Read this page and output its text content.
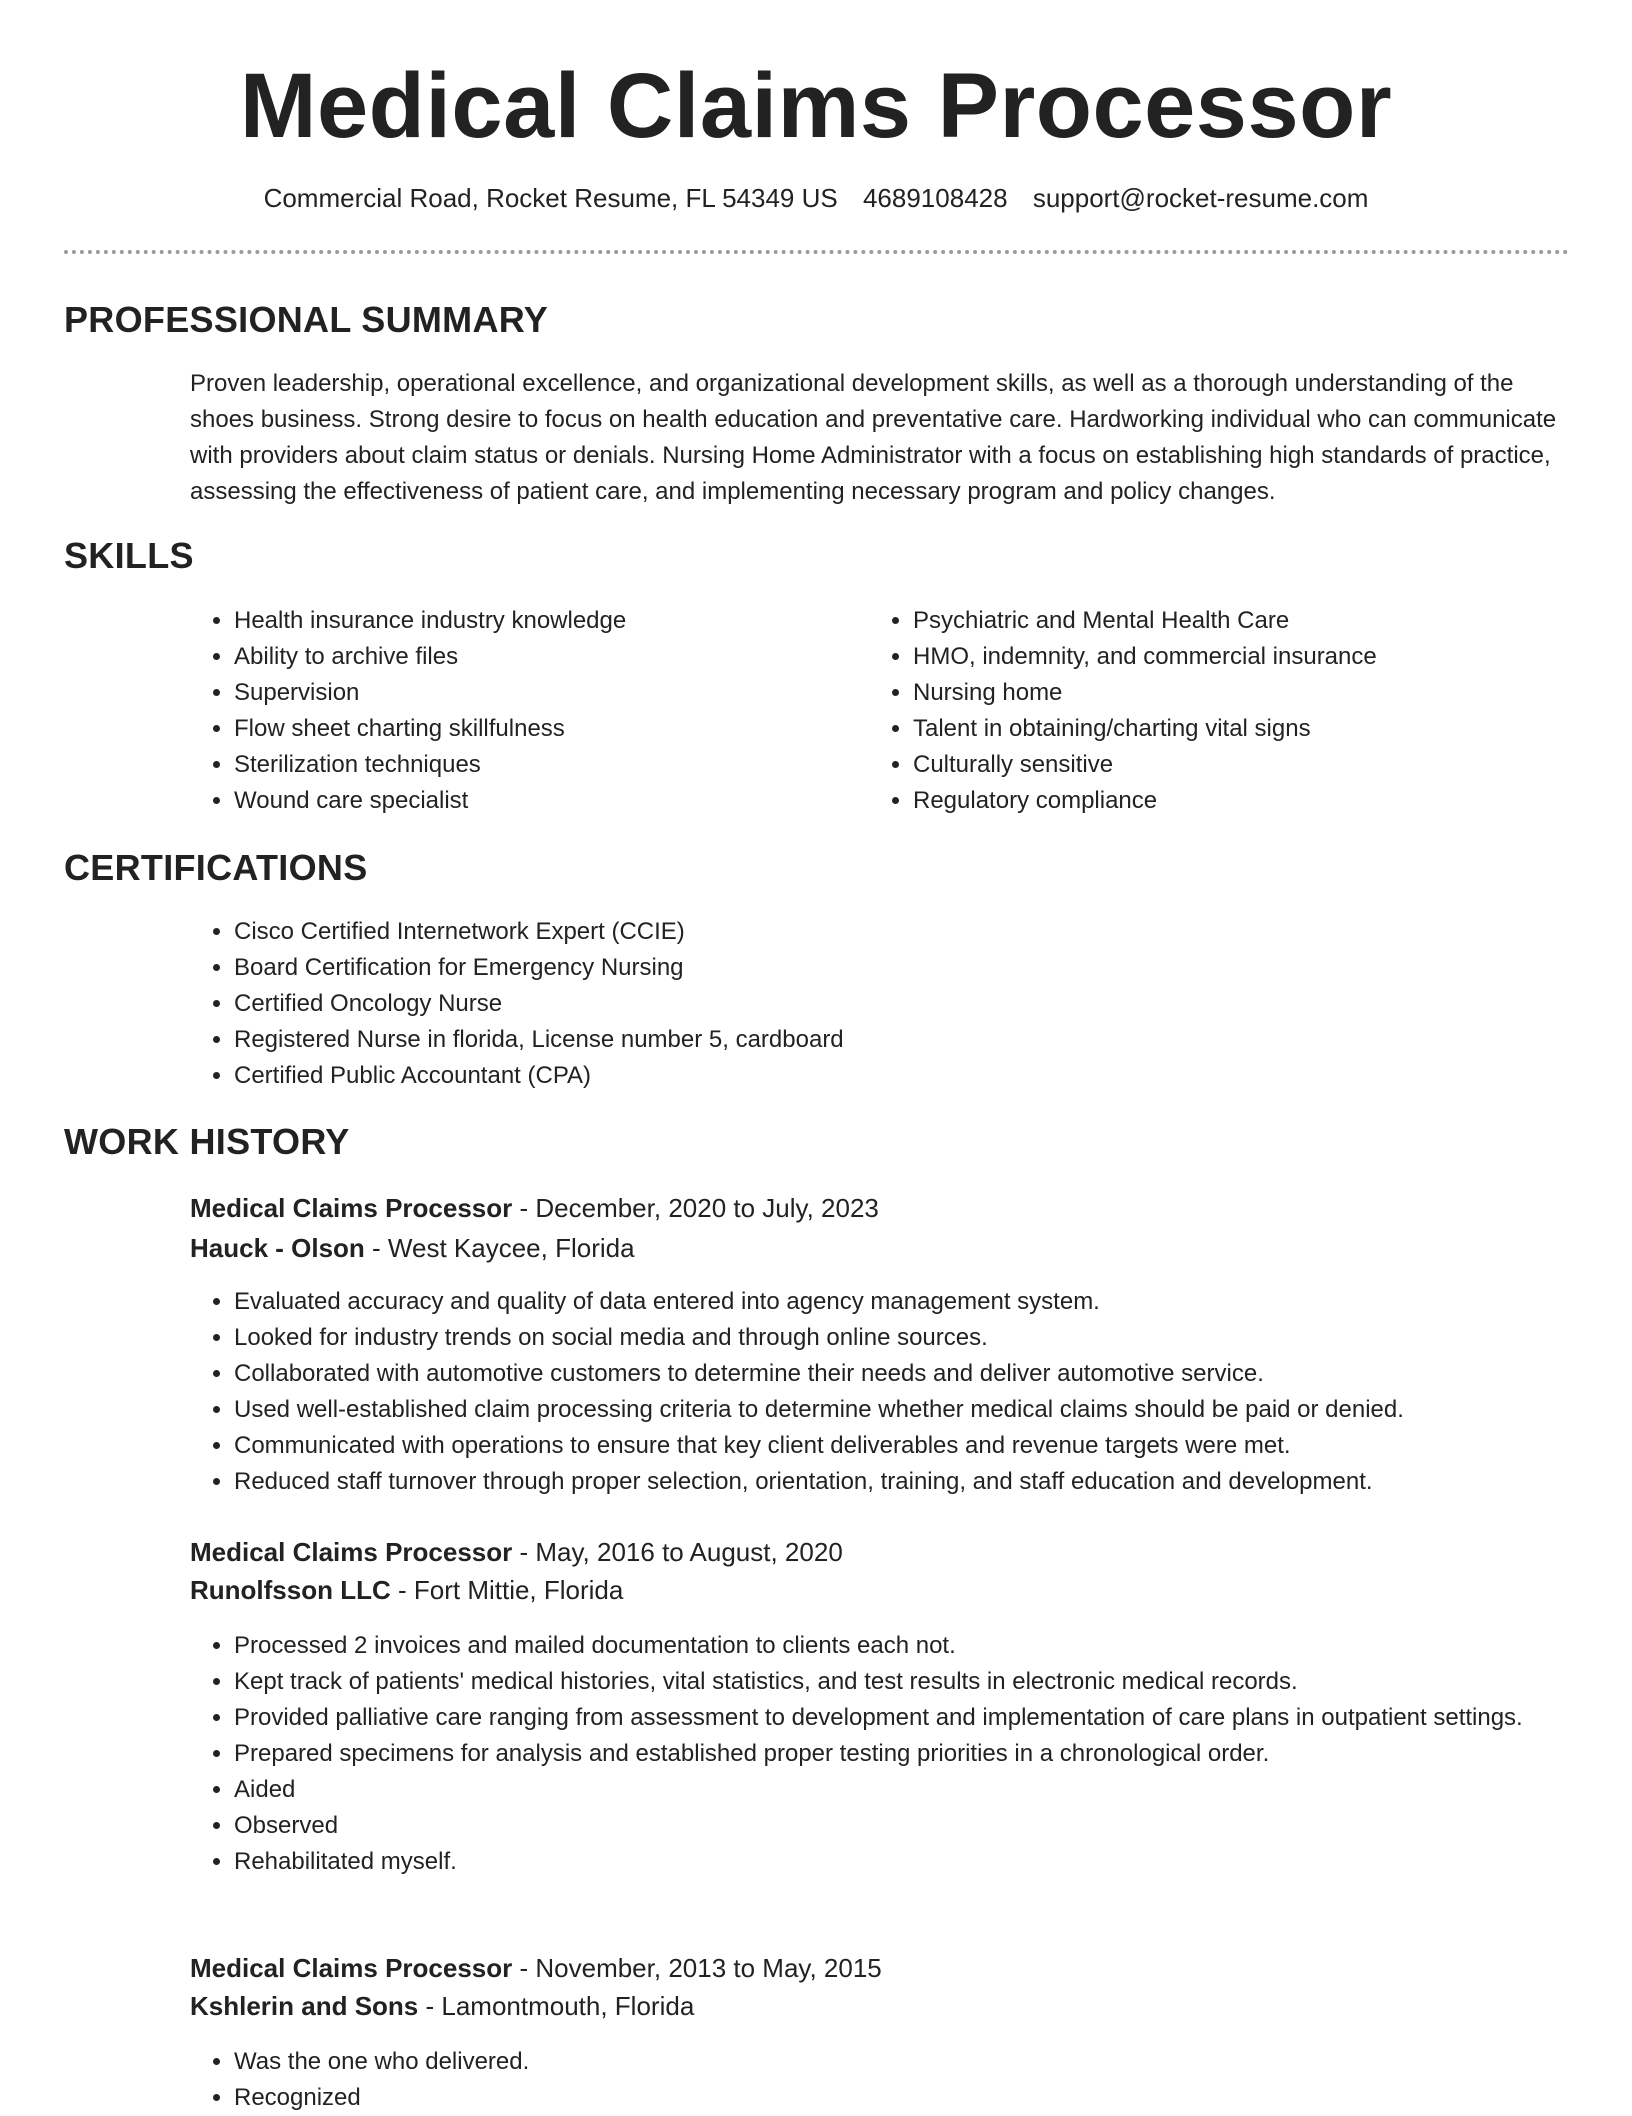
Medical Claims Processor
Commercial Road, Rocket Resume, FL 54349 US 4689108428 support@rocket-resume.com
PROFESSIONAL SUMMARY

Proven leadership, operational excellence, and organizational development skills, as well as a thorough understanding of the shoes business. Strong desire to focus on health education and preventative care. Hardworking individual who can communicate with providers about claim status or denials. Nursing Home Administrator with a focus on establishing high standards of practice, assessing the effectiveness of patient care, and implementing necessary program and policy changes.

SKILLS
• Health insurance industry knowledge
• Ability to archive files
• Supervision
• Flow sheet charting skillfulness
• Sterilization techniques
• Wound care specialist
• Psychiatric and Mental Health Care
• HMO, indemnity, and commercial insurance
• Nursing home
• Talent in obtaining/charting vital signs
• Culturally sensitive
• Regulatory compliance
CERTIFICATIONS
• Cisco Certified Internetwork Expert (CCIE)
• Board Certification for Emergency Nursing
• Certified Oncology Nurse
• Registered Nurse in florida, License number 5, cardboard
• Certified Public Accountant (CPA)
WORK HISTORY
Medical Claims Processor - December, 2020 to July, 2023
Hauck - Olson - West Kaycee, Florida
• Evaluated accuracy and quality of data entered into agency management system.
• Looked for industry trends on social media and through online sources.
• Collaborated with automotive customers to determine their needs and deliver automotive service.
• Used well-established claim processing criteria to determine whether medical claims should be paid or denied.
• Communicated with operations to ensure that key client deliverables and revenue targets were met.
• Reduced staff turnover through proper selection, orientation, training, and staff education and development.
Medical Claims Processor - May, 2016 to August, 2020
Runolfsson LLC - Fort Mittie, Florida
• Processed 2 invoices and mailed documentation to clients each not.
• Kept track of patients' medical histories, vital statistics, and test results in electronic medical records.
• Provided palliative care ranging from assessment to development and implementation of care plans in outpatient settings.
• Prepared specimens for analysis and established proper testing priorities in a chronological order.
• Aided
• Observed
• Rehabilitated myself.
Medical Claims Processor - November, 2013 to May, 2015
Kshlerin and Sons - Lamontmouth, Florida
• Was the one who delivered.
• Recognized
